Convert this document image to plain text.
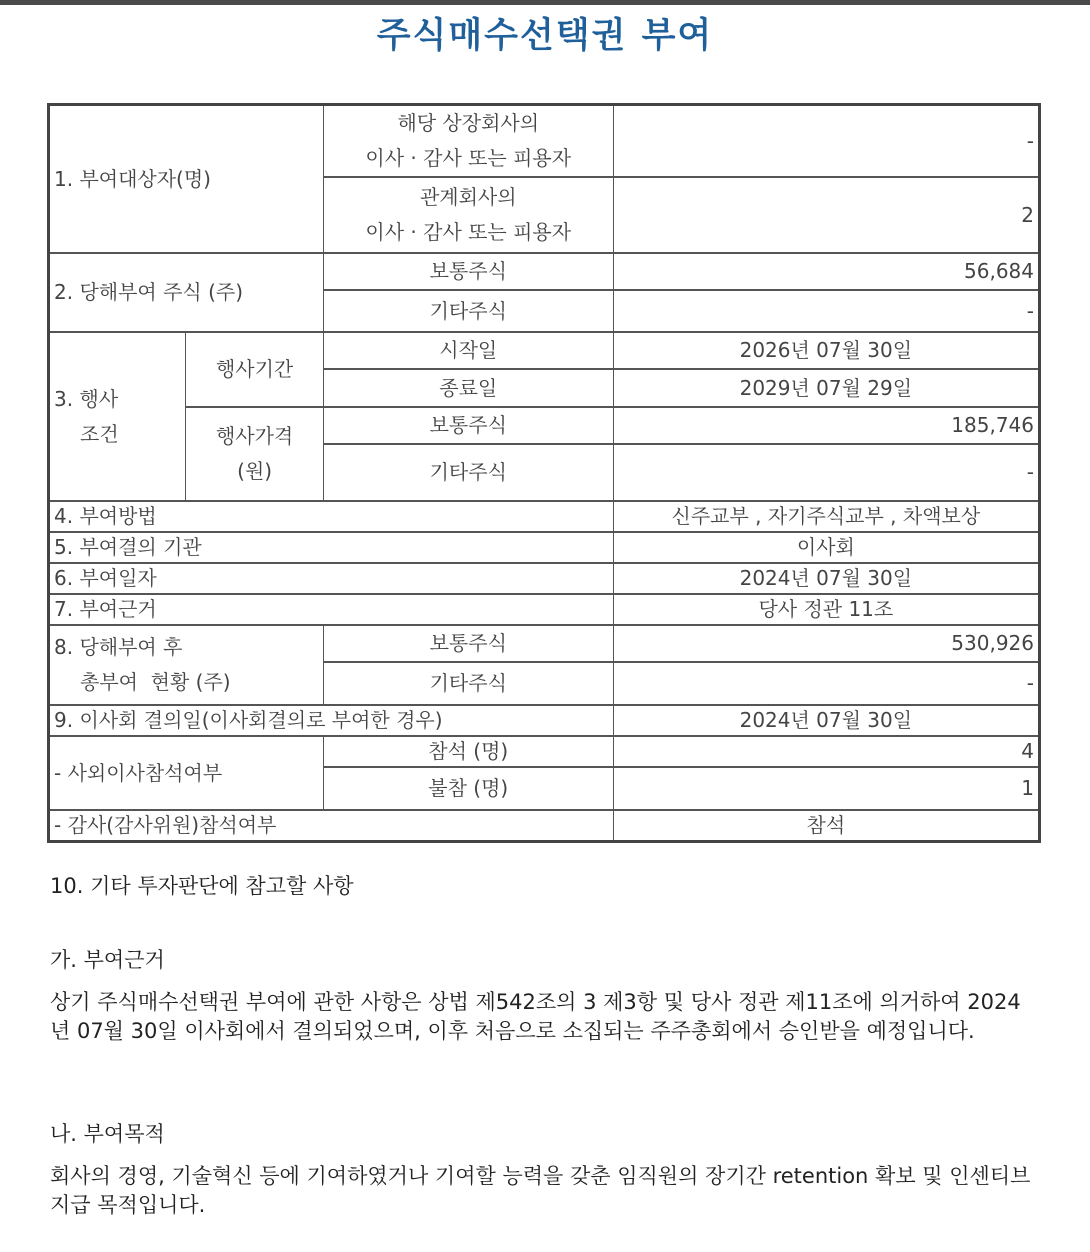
주식매수선택권 부여
1. 부여대상자(명)		해당 상장회사의
이사 · 감사 또는 피용자	-

		관계회사의
이사 · 감사 또는 피용자	2
2. 당해부여 주식 (주)		보통주식	56,684
		기타주식	-

3. 행사
조건	행사기간	시작일	2026년 07월 30일
		종료일	2029년 07월 29일

	행사가격
(원)	보통주식	185,746
		기타주식	-
4. 부여방법			신주교부 , 자기주식교부 , 차액보상
5. 부여결의 기관			이사회
6. 부여일자			2024년 07월 30일
7. 부여근거			당사 정관 11조

8. 당해부여 후
총부여  현황 (주)		보통주식	530,926
		기타주식	-
9. 이사회 결의일(이사회결의로 부여한 경우)			2024년 07월 30일
- 사외이사참석여부		참석 (명)	4
		불참 (명)	1
- 감사(감사위원)참석여부			참석
10. 기타 투자판단에 참고할 사항
가. 부여근거
상기 주식매수선택권 부여에 관한 사항은 상법 제542조의 3 제3항 및 당사 정관 제11조에 의거하여 2024년 07월 30일 이사회에서 결의되었으며, 이후 처음으로 소집되는 주주총회에서 승인받을 예정입니다.
나. 부여목적
회사의 경영, 기술혁신 등에 기여하였거나 기여할 능력을 갖춘 임직원의 장기간 retention 확보 및 인센티브 지급 목적입니다.
